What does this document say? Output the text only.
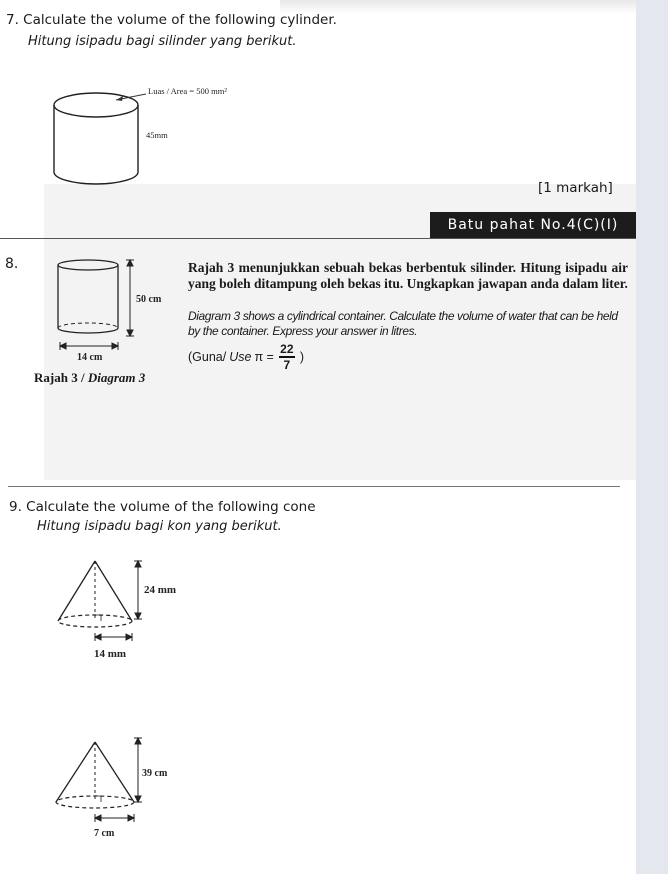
7. Calculate the volume of the following cylinder.
Hitung isipadu bagi silinder yang berikut.
Luas / Area = 500 mm²
45mm
[1 markah]
Batu pahat No.4(C)(I)
8.
50 cm
14 cm
Rajah 3 menunjukkan sebuah bekas berbentuk silinder. Hitung isipadu air yang boleh ditampung oleh bekas itu. Ungkapkan jawapan anda dalam liter.
Diagram 3 shows a cylindrical container. Calculate the volume of water that can be held by the container. Express your answer in litres.
(Guna/ Use $\pi = \frac{22}{7}$ )
Rajah 3 / Diagram 3
9. Calculate the volume of the following cone
Hitung isipadu bagi kon yang berikut.
24 mm
14 mm
39 cm
7 cm
